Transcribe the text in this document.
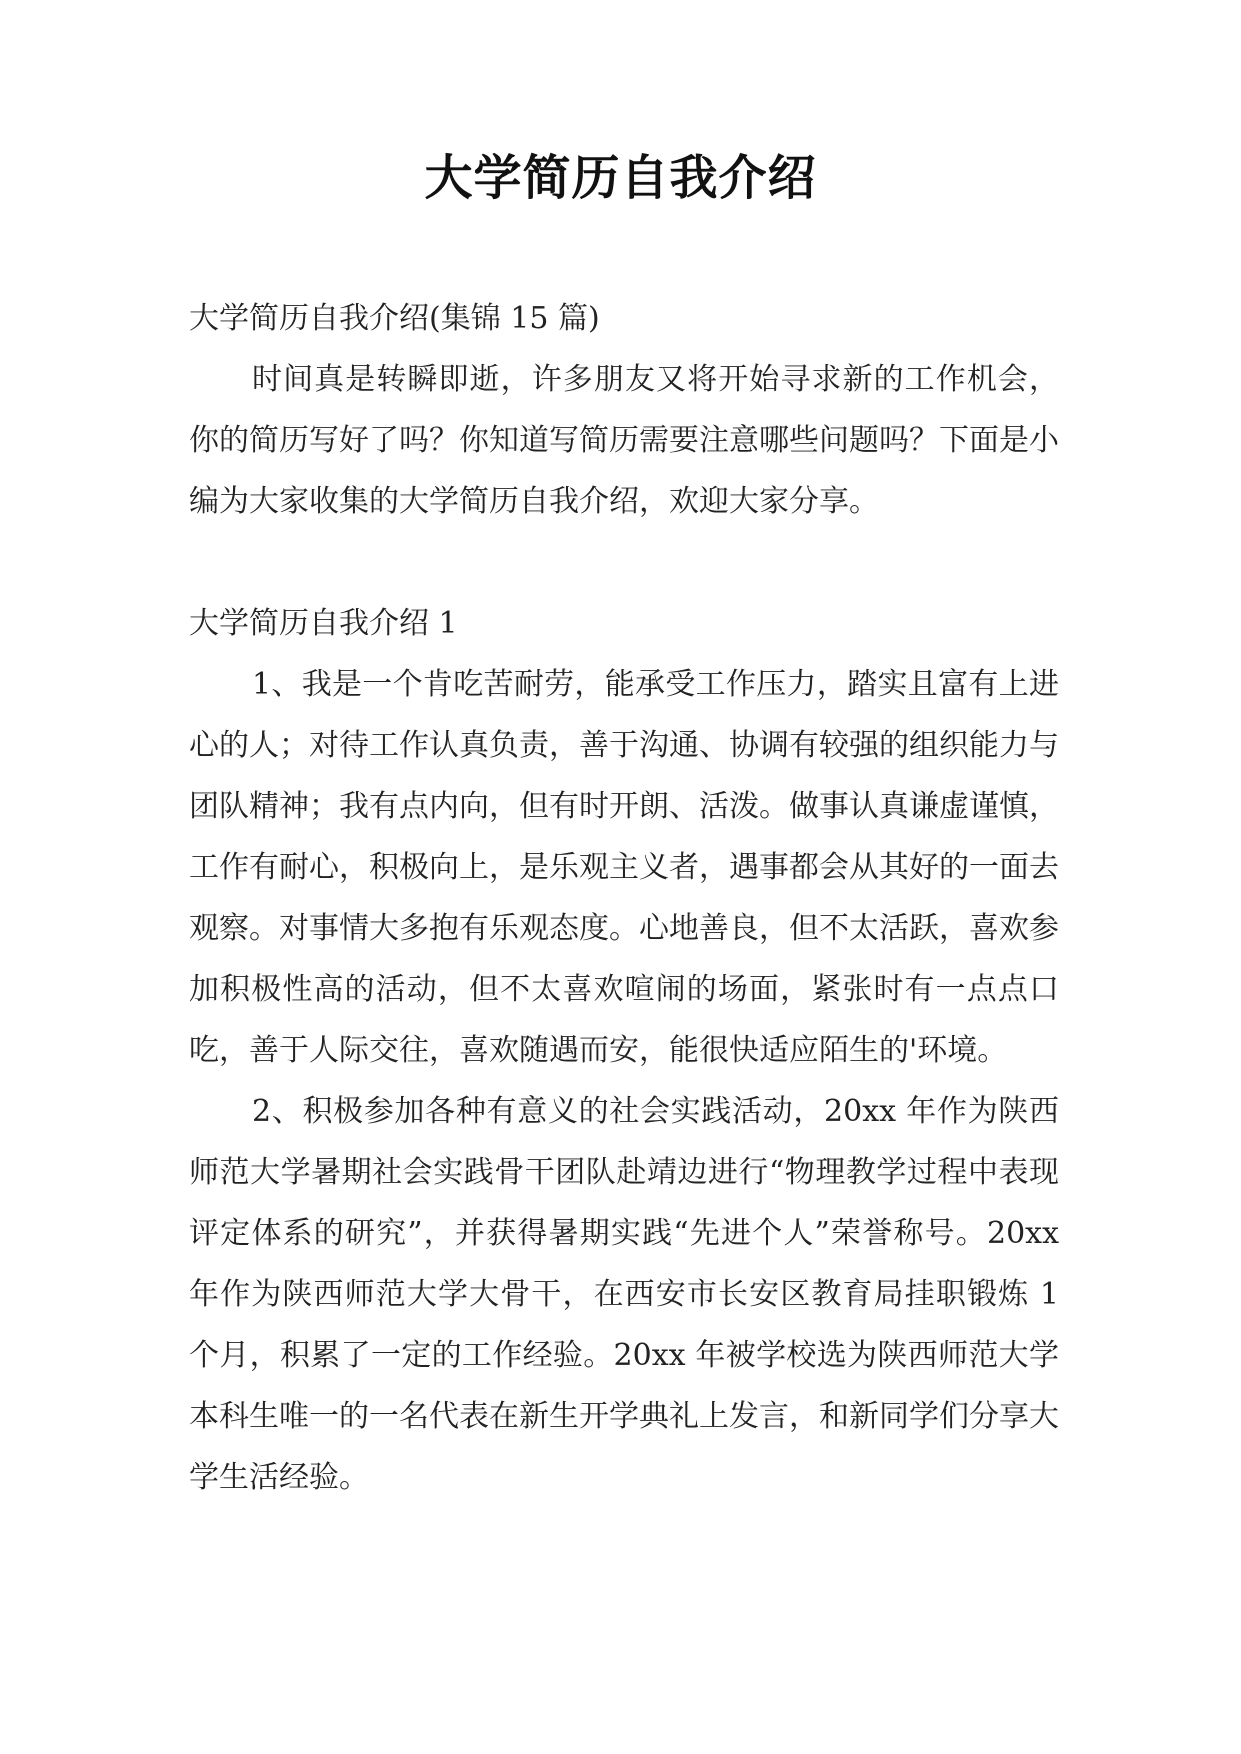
大学简历自我介绍

大学简历自我介绍(集锦 15 篇)

时间真是转瞬即逝，许多朋友又将开始寻求新的工作机会，你的简历写好了吗？你知道写简历需要注意哪些问题吗？下面是小编为大家收集的大学简历自我介绍，欢迎大家分享。

大学简历自我介绍 1

1、我是一个肯吃苦耐劳，能承受工作压力，踏实且富有上进心的人；对待工作认真负责，善于沟通、协调有较强的组织能力与团队精神；我有点内向，但有时开朗、活泼。做事认真谦虚谨慎，工作有耐心，积极向上，是乐观主义者，遇事都会从其好的一面去观察。对事情大多抱有乐观态度。心地善良，但不太活跃，喜欢参加积极性高的活动，但不太喜欢喧闹的场面，紧张时有一点点口吃，善于人际交往，喜欢随遇而安，能很快适应陌生的'环境。

2、积极参加各种有意义的社会实践活动，20xx 年作为陕西师范大学暑期社会实践骨干团队赴靖边进行“物理教学过程中表现评定体系的研究”，并获得暑期实践“先进个人”荣誉称号。20xx 年作为陕西师范大学大骨干，在西安市长安区教育局挂职锻炼 1 个月，积累了一定的工作经验。20xx 年被学校选为陕西师范大学本科生唯一的一名代表在新生开学典礼上发言，和新同学们分享大学生活经验。
